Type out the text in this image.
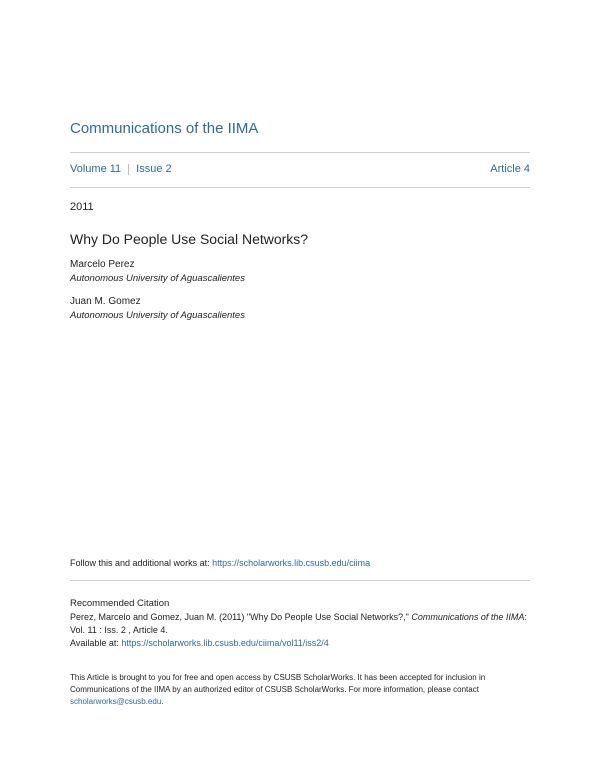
Communications of the IIMA
Volume 11 Issue 2	Article 4
2011
Why Do People Use Social Networks?
Marcelo Perez
Autonomous University of Aguascalientes
Juan M. Gomez
Autonomous University of Aguascalientes
Follow this and additional works at: https://scholarworks.lib.csusb.edu/ciima
Recommended Citation
Perez, Marcelo and Gomez, Juan M. (2011) "Why Do People Use Social Networks?," Communications of the IIMA: Vol. 11 : Iss. 2 , Article 4.
Available at: https://scholarworks.lib.csusb.edu/ciima/vol11/iss2/4
This Article is brought to you for free and open access by CSUSB ScholarWorks. It has been accepted for inclusion in Communications of the IIMA by an authorized editor of CSUSB ScholarWorks. For more information, please contact scholarworks@csusb.edu.
